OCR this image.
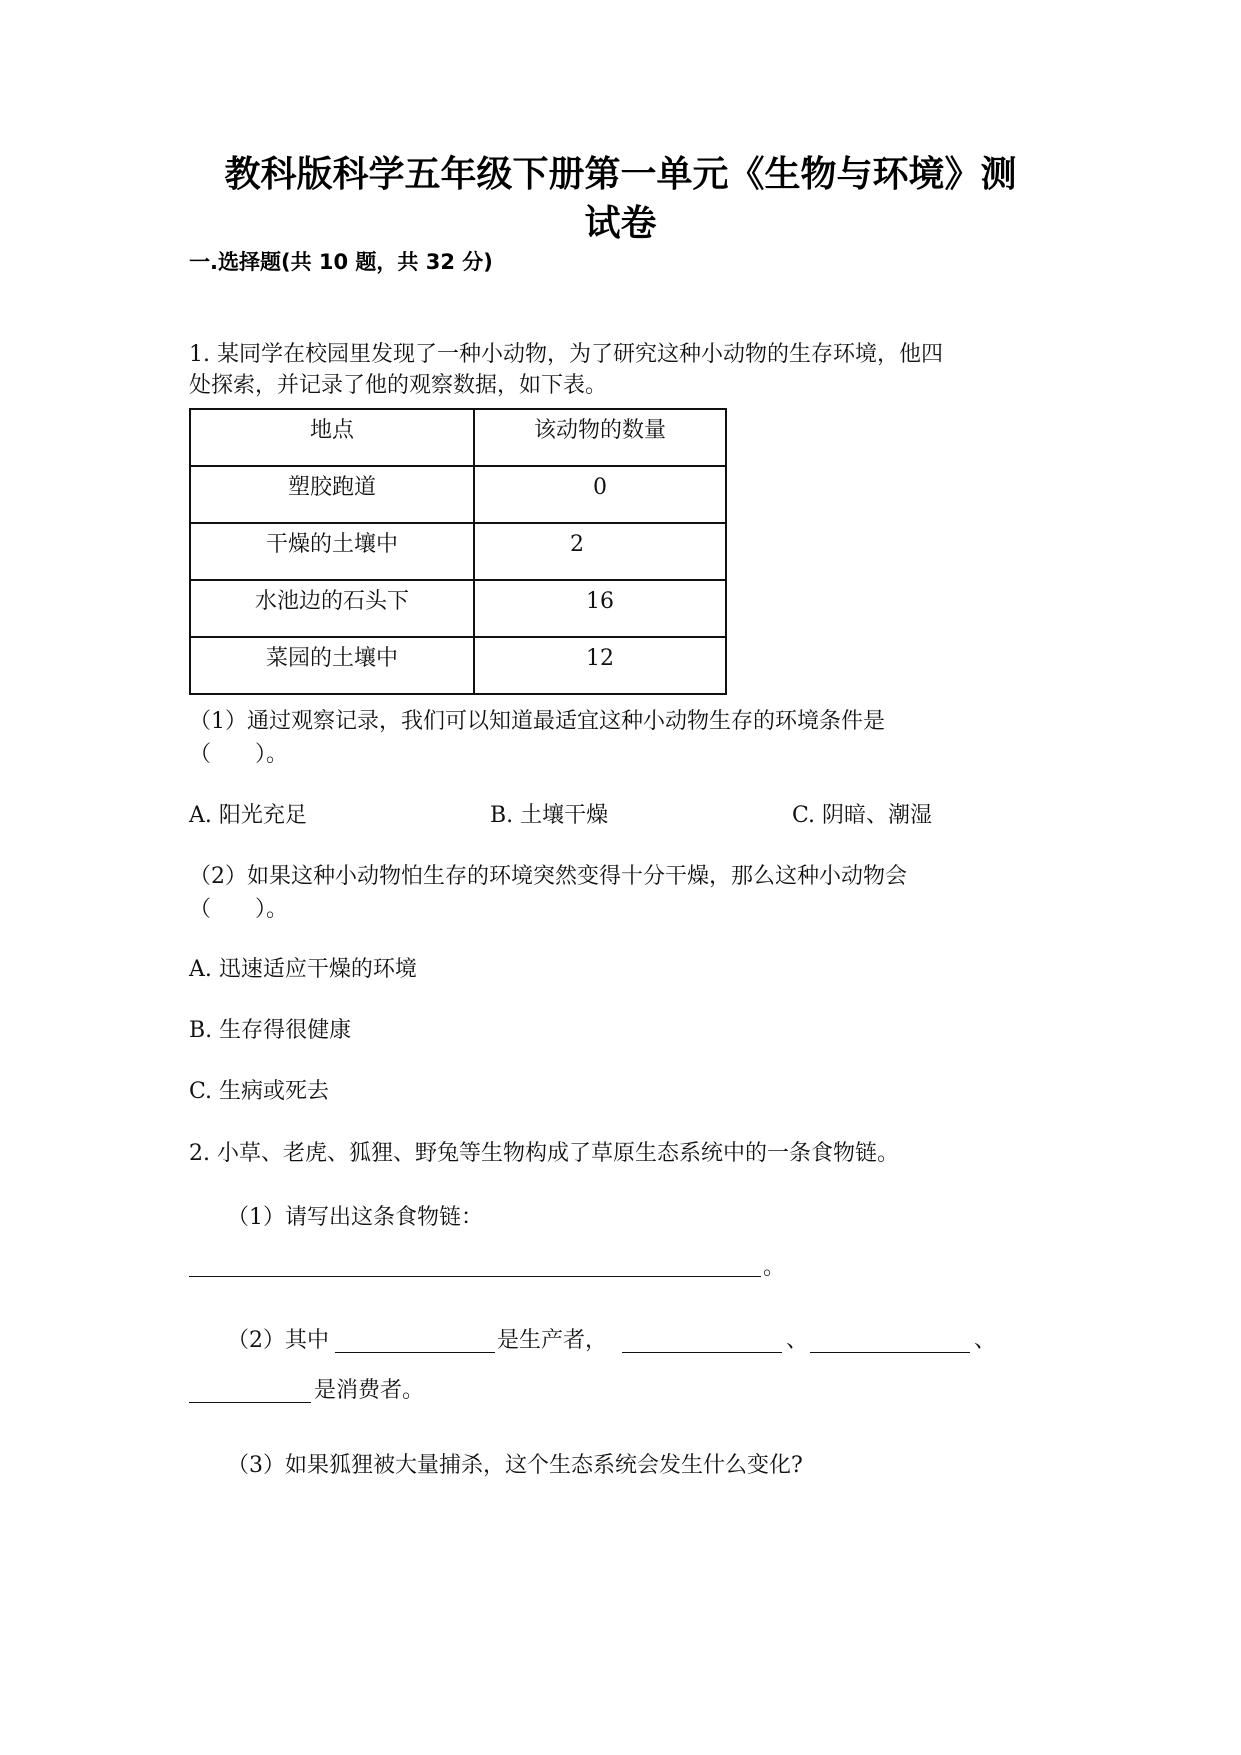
教科版科学五年级下册第一单元《生物与环境》测
试卷
一.选择题(共 10 题，共 32 分)
1. 某同学在校园里发现了一种小动物，为了研究这种小动物的生存环境，他四
处探索，并记录了他的观察数据，如下表。
地点	该动物的数量
塑胶跑道	0
干燥的土壤中	2
水池边的石头下	16
菜园的土壤中	12
（1）通过观察记录，我们可以知道最适宜这种小动物生存的环境条件是
（　　）。
A. 阳光充足	B. 土壤干燥	C. 阴暗、潮湿
（2）如果这种小动物怕生存的环境突然变得十分干燥，那么这种小动物会
（　　）。
A. 迅速适应干燥的环境
B. 生存得很健康
C. 生病或死去
2. 小草、老虎、狐狸、野兔等生物构成了草原生态系统中的一条食物链。
（1）请写出这条食物链：
。
（2）其中	是生产者，	、	、
是消费者。
（3）如果狐狸被大量捕杀，这个生态系统会发生什么变化?
